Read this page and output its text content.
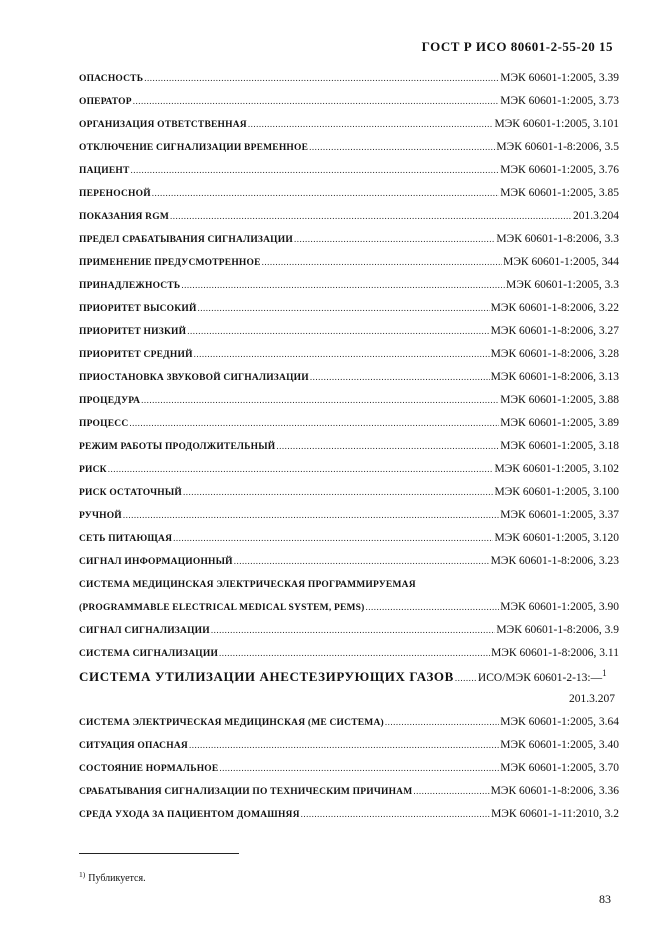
ГОСТ Р ИСО 80601-2-55-20 15
ОПАСНОСТЬ .....	МЭК 60601-1:2005, 3.39
ОПЕРАТОР .....	МЭК 60601-1:2005, 3.73
ОРГАНИЗАЦИЯ ОТВЕТСТВЕННАЯ .....	МЭК 60601-1:2005, 3.101
ОТКЛЮЧЕНИЕ СИГНАЛИЗАЦИИ ВРЕМЕННОЕ .....	МЭК 60601-1-8:2006, 3.5
ПАЦИЕНТ .....	МЭК 60601-1:2005, 3.76
ПЕРЕНОСНОЙ .....	МЭК 60601-1:2005, 3.85
ПОКАЗАНИЯ RGM .....	201.3.204
ПРЕДЕЛ СРАБАТЫВАНИЯ СИГНАЛИЗАЦИИ .....	МЭК 60601-1-8:2006, 3.3
ПРИМЕНЕНИЕ ПРЕДУСМОТРЕННОЕ .....	МЭК 60601-1:2005, 344
ПРИНАДЛЕЖНОСТЬ .....	МЭК 60601-1:2005, 3.3
ПРИОРИТЕТ ВЫСОКИЙ .....	МЭК 60601-1-8:2006, 3.22
ПРИОРИТЕТ НИЗКИЙ .....	МЭК 60601-1-8:2006, 3.27
ПРИОРИТЕТ СРЕДНИЙ .....	МЭК 60601-1-8:2006, 3.28
ПРИОСТАНОВКА ЗВУКОВОЙ СИГНАЛИЗАЦИИ .....	МЭК 60601-1-8:2006, 3.13
ПРОЦЕДУРА .....	МЭК 60601-1:2005, 3.88
ПРОЦЕСС .....	МЭК 60601-1:2005, 3.89
РЕЖИМ РАБОТЫ ПРОДОЛЖИТЕЛЬНЫЙ .....	МЭК 60601-1:2005, 3.18
РИСК .....	МЭК 60601-1:2005, 3.102
РИСК ОСТАТОЧНЫЙ .....	МЭК 60601-1:2005, 3.100
РУЧНОЙ .....	МЭК 60601-1:2005, 3.37
СЕТЬ ПИТАЮЩАЯ .....	МЭК 60601-1:2005, 3.120
СИГНАЛ ИНФОРМАЦИОННЫЙ .....	МЭК 60601-1-8:2006, 3.23
СИСТЕМА МЕДИЦИНСКАЯ ЭЛЕКТРИЧЕСКАЯ ПРОГРАММИРУЕМАЯ
(PROGRAMMABLE ELECTRICAL MEDICAL SYSTEM, PEMS) .....	МЭК 60601-1:2005, 3.90
СИГНАЛ СИГНАЛИЗАЦИИ .....	МЭК 60601-1-8:2006, 3.9
СИСТЕМА СИГНАЛИЗАЦИИ .....	МЭК 60601-1-8:2006, 3.11
СИСТЕМА УТИЛИЗАЦИИ АНЕСТЕЗИРУЮЩИХ ГАЗОВ ..... ИСО/МЭК 60601-2-13:—$^1$
201.3.207
СИСТЕМА ЭЛЕКТРИЧЕСКАЯ МЕДИЦИНСКАЯ (МЕ СИСТЕМА) .....	МЭК 60601-1:2005, 3.64
СИТУАЦИЯ ОПАСНАЯ .....	МЭК 60601-1:2005, 3.40
СОСТОЯНИЕ НОРМАЛЬНОЕ .....	МЭК 60601-1:2005, 3.70
СРАБАТЫВАНИЯ СИГНАЛИЗАЦИИ ПО ТЕХНИЧЕСКИМ ПРИЧИНАМ .....	МЭК 60601-1-8:2006, 3.36
СРЕДА УХОДА ЗА ПАЦИЕНТОМ ДОМАШНЯЯ .....	МЭК 60601-1-11:2010, 3.2
$^{1)}$ Публикуется.
83
